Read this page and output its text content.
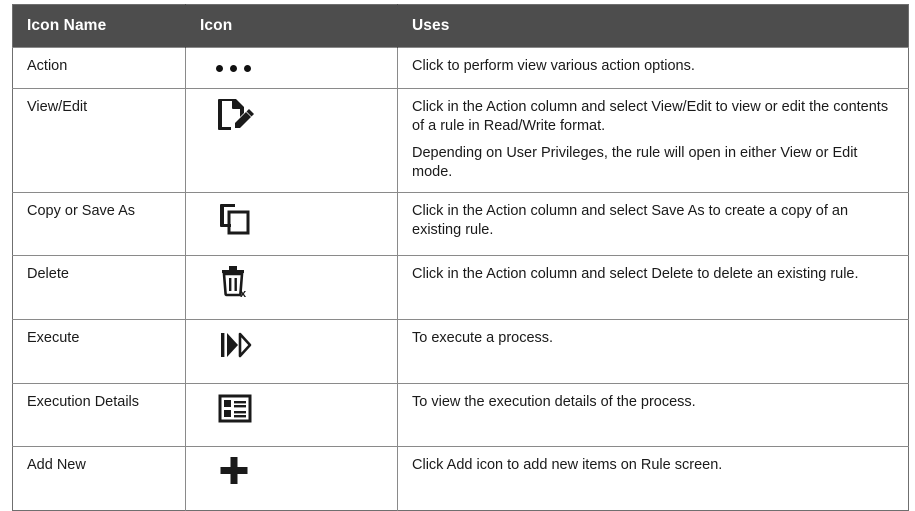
Icon Name	Icon	Uses
Action		Click to perform view various action options.

View/Edit		Click in the Action column and select View/Edit to view or edit the contents of a rule in Read/Write format.

Depending on User Privileges, the rule will open in either View or Edit mode.

Copy or Save As		Click in the Action column and select Save As to create a copy of an existing rule.

Delete	x	Click in the Action column and select Delete to delete an existing rule.

Execute		To execute a process.

Execution Details		To view the execution details of the process.

Add New		Click Add icon to add new items on Rule screen.
